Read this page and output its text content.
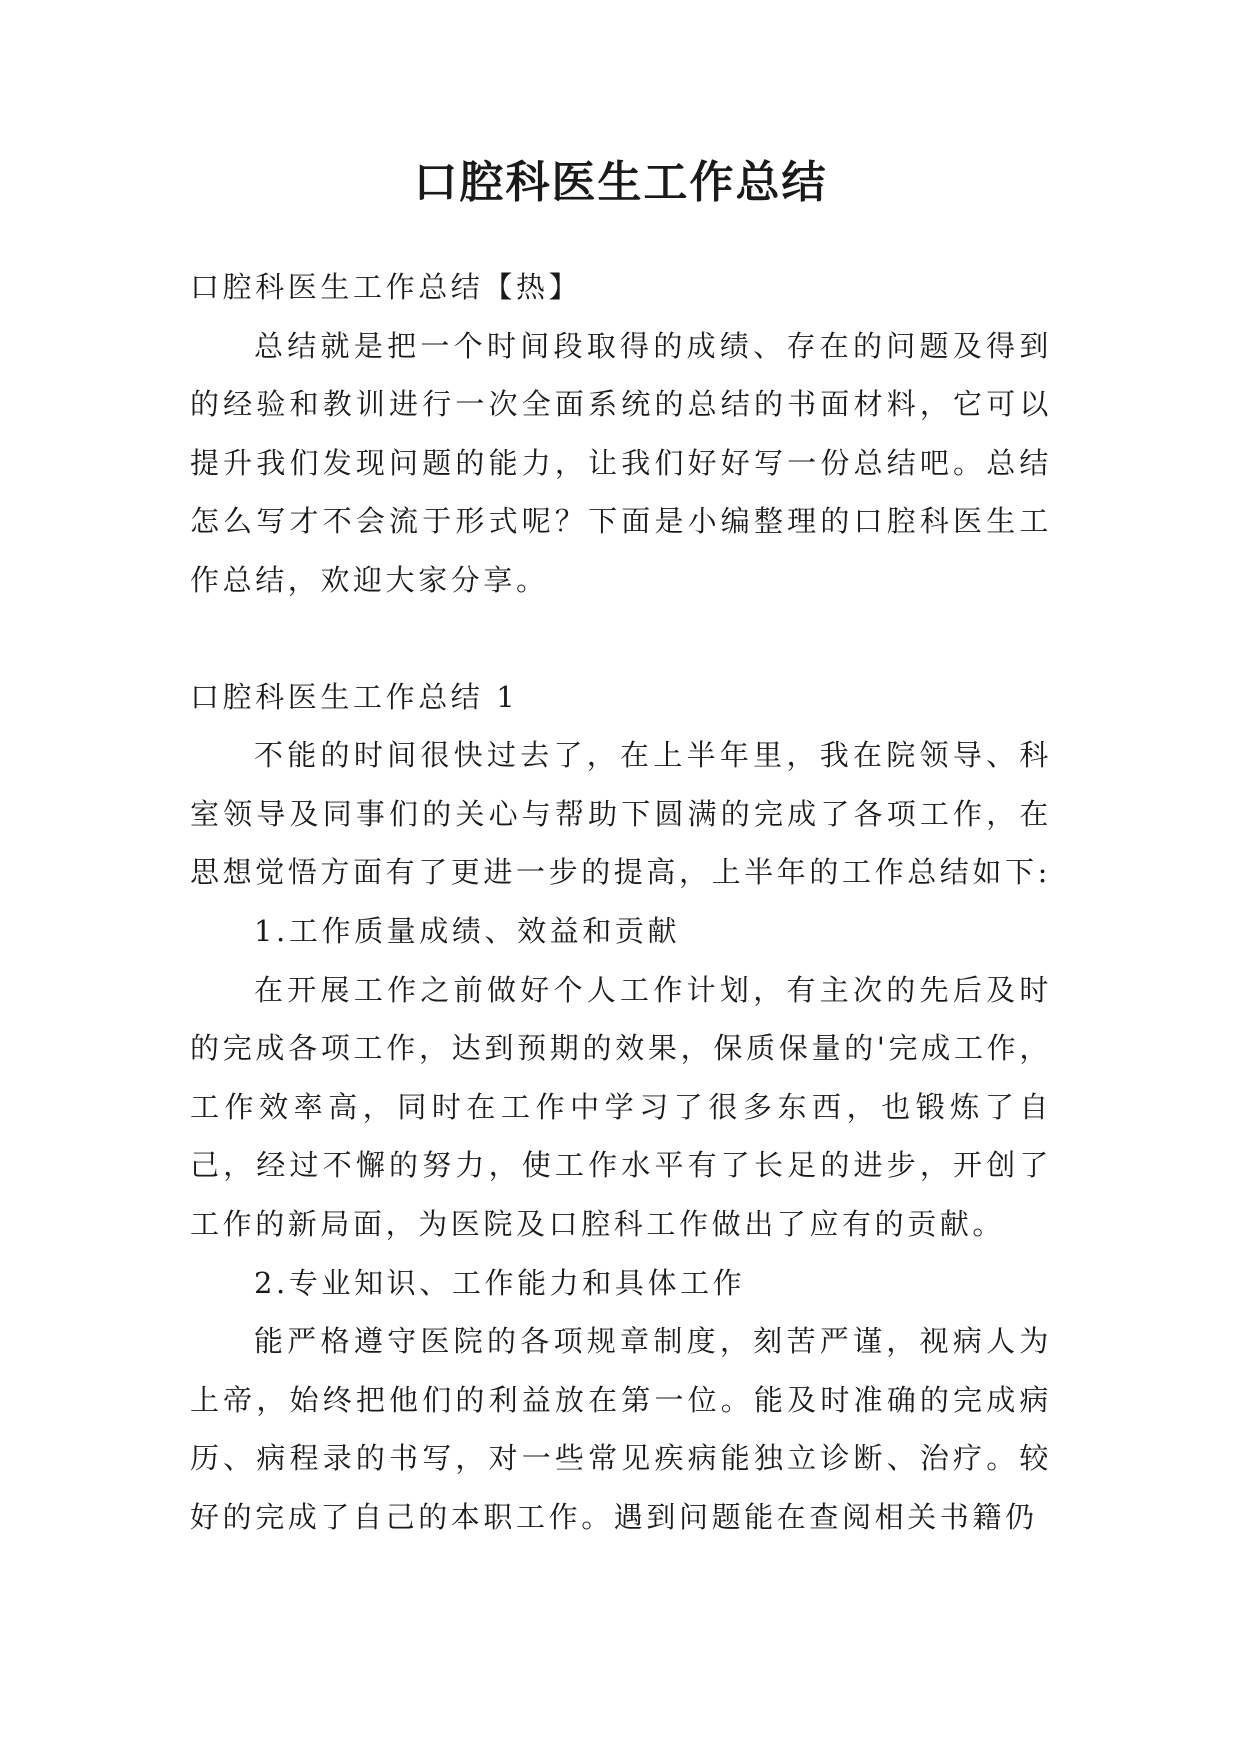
口腔科医生工作总结

口腔科医生工作总结【热】

总结就是把一个时间段取得的成绩、存在的问题及得到的经验和教训进行一次全面系统的总结的书面材料，它可以提升我们发现问题的能力，让我们好好写一份总结吧。总结怎么写才不会流于形式呢？下面是小编整理的口腔科医生工作总结，欢迎大家分享。

口腔科医生工作总结 1

不能的时间很快过去了，在上半年里，我在院领导、科室领导及同事们的关心与帮助下圆满的完成了各项工作，在思想觉悟方面有了更进一步的提高，上半年的工作总结如下:

1.工作质量成绩、效益和贡献

在开展工作之前做好个人工作计划，有主次的先后及时的完成各项工作，达到预期的效果，保质保量的'完成工作，工作效率高，同时在工作中学习了很多东西，也锻炼了自己，经过不懈的努力，使工作水平有了长足的进步，开创了工作的新局面，为医院及口腔科工作做出了应有的贡献。

2.专业知识、工作能力和具体工作

能严格遵守医院的各项规章制度，刻苦严谨，视病人为上帝，始终把他们的利益放在第一位。能及时准确的完成病历、病程录的书写，对一些常见疾病能独立诊断、治疗。较好的完成了自己的本职工作。遇到问题能在查阅相关书籍仍
